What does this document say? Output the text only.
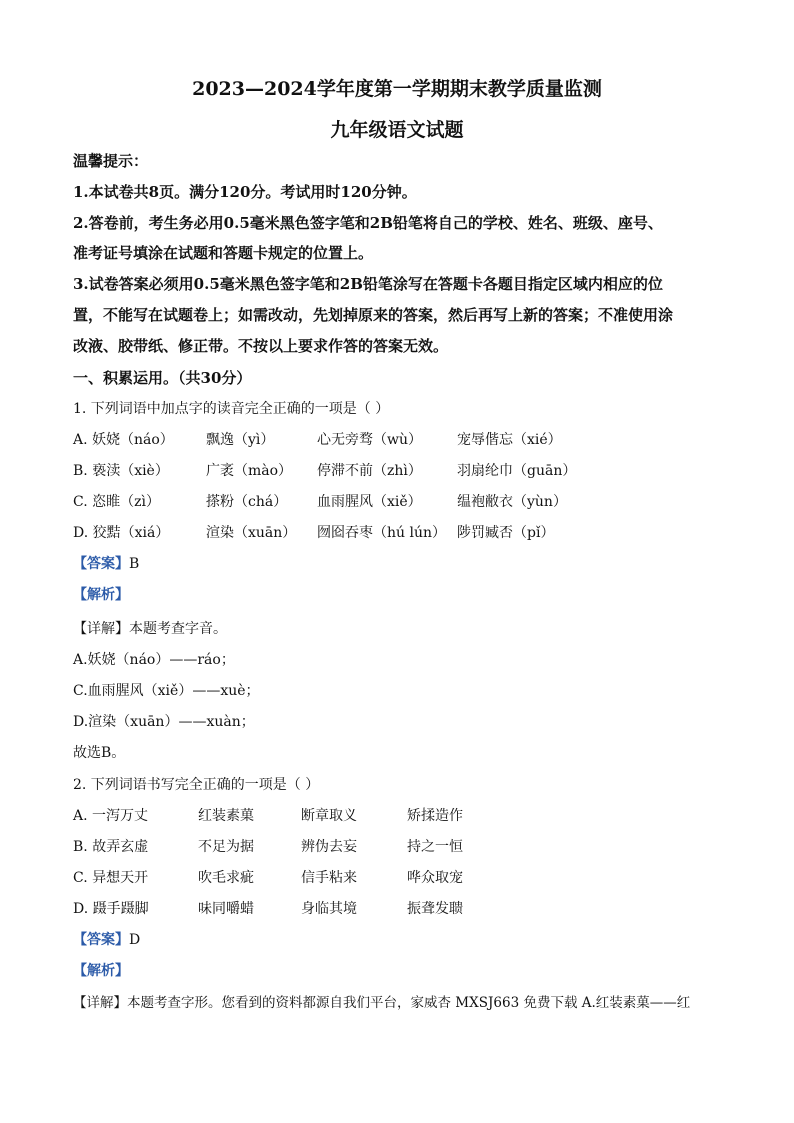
2023—2024学年度第一学期期末教学质量监测
九年级语文试题
温馨提示：
1.本试卷共8页。满分120分。考试用时120分钟。
2.答卷前，考生务必用0.5毫米黑色签字笔和2B铅笔将自己的学校、姓名、班级、座号、
准考证号填涂在试题和答题卡规定的位置上。
3.试卷答案必须用0.5毫米黑色签字笔和2B铅笔涂写在答题卡各题目指定区域内相应的位
置，不能写在试题卷上；如需改动，先划掉原来的答案，然后再写上新的答案；不准使用涂
改液、胶带纸、修正带。不按以上要求作答的答案无效。
一、积累运用。（共30分）
1. 下列词语中加点字的读音完全正确的一项是（ ）
A. 妖娆（náo） 飘逸（yì）	心无旁骛（wù）	宠辱偕忘（xié）
B. 亵渎（xiè）	广袤（mào） 停滞不前（zhì）	羽扇纶巾（guān）
C. 恣睢（zì）	搽粉（chá） 血雨腥风（xiě）	缊袍敝衣（yùn）
D. 狡黠（xiá）	渲染（xuān） 囫囵吞枣（hú lún） 陟罚臧否（pǐ）
【答案】B
【解析】
【详解】本题考查字音。
A.妖娆（náo）——ráo；
C.血雨腥风（xiě）——xuè；
D.渲染（xuān）——xuàn；
故选B。
2. 下列词语书写完全正确的一项是（ ）
A. 一泻万丈	红装素菓	断章取义	矫揉造作
B. 故弄玄虚	不足为据	辨伪去妄	持之一恒
C. 异想天开	吹毛求疵	信手粘来	哗众取宠
D. 蹑手蹑脚	味同嚼蜡	身临其境	振聋发聩
【答案】D
【解析】
【详解】本题考查字形。您看到的资料都源自我们平台，家威杏 MXSJ663 免费下载 A.红装素菓——红
